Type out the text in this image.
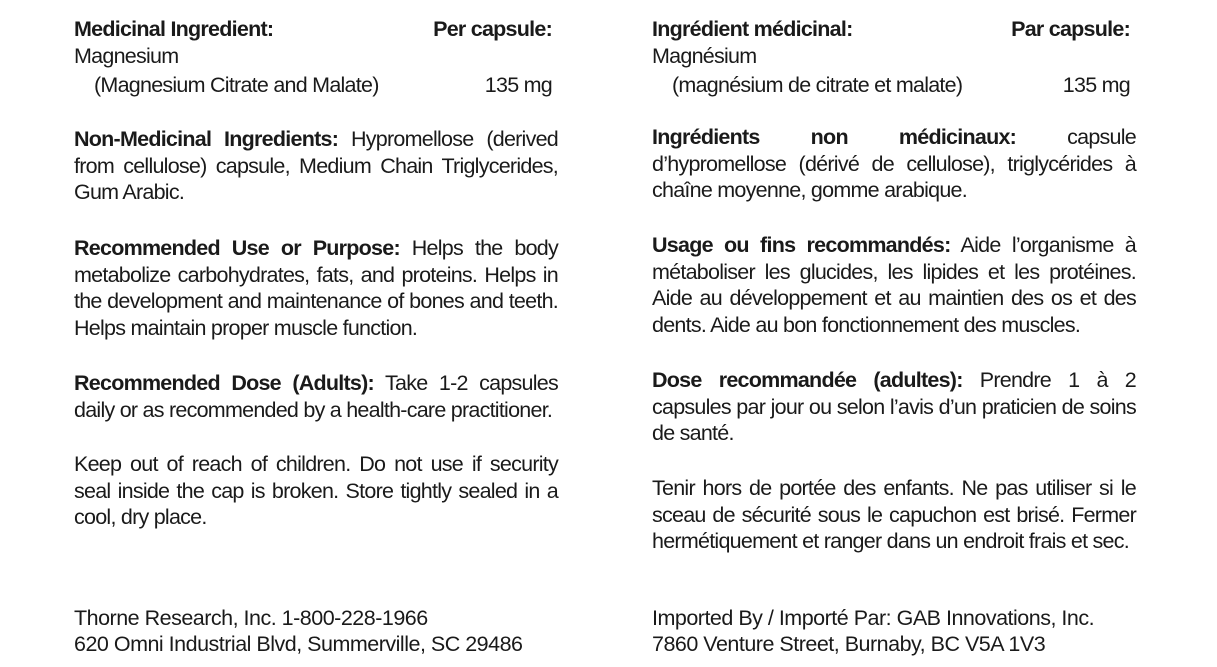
Medicinal Ingredient:	Per capsule:
Magnesium
(Magnesium Citrate and Malate)	135 mg

Non-Medicinal Ingredients: Hypromellose (derived from cellulose) capsule, Medium Chain Triglycerides, Gum Arabic.

Recommended Use or Purpose: Helps the body metabolize carbohydrates, fats, and proteins. Helps in the development and maintenance of bones and teeth. Helps maintain proper muscle function.

Recommended Dose (Adults): Take 1-2 capsules daily or as recommended by a health-care practitioner.

Keep out of reach of children. Do not use if security seal inside the cap is broken. Store tightly sealed in a cool, dry place.

Thorne Research, Inc. 1-800-228-1966
620 Omni Industrial Blvd, Summerville, SC 29486
Ingrédient médicinal:	Par capsule:
Magnésium
(magnésium de citrate et malate)	135 mg

Ingrédients non médicinaux: capsule d’hypromellose (dérivé de cellulose), triglycérides à chaîne moyenne, gomme arabique.

Usage ou fins recommandés: Aide l’organisme à métaboliser les glucides, les lipides et les protéines. Aide au développement et au maintien des os et des dents. Aide au bon fonctionnement des muscles.

Dose recommandée (adultes): Prendre 1 à 2 capsules par jour ou selon l’avis d’un praticien de soins de santé.

Tenir hors de portée des enfants. Ne pas utiliser si le sceau de sécurité sous le capuchon est brisé. Fermer hermétiquement et ranger dans un endroit frais et sec.

Imported By / Importé Par: GAB Innovations, Inc.
7860 Venture Street, Burnaby, BC V5A 1V3
